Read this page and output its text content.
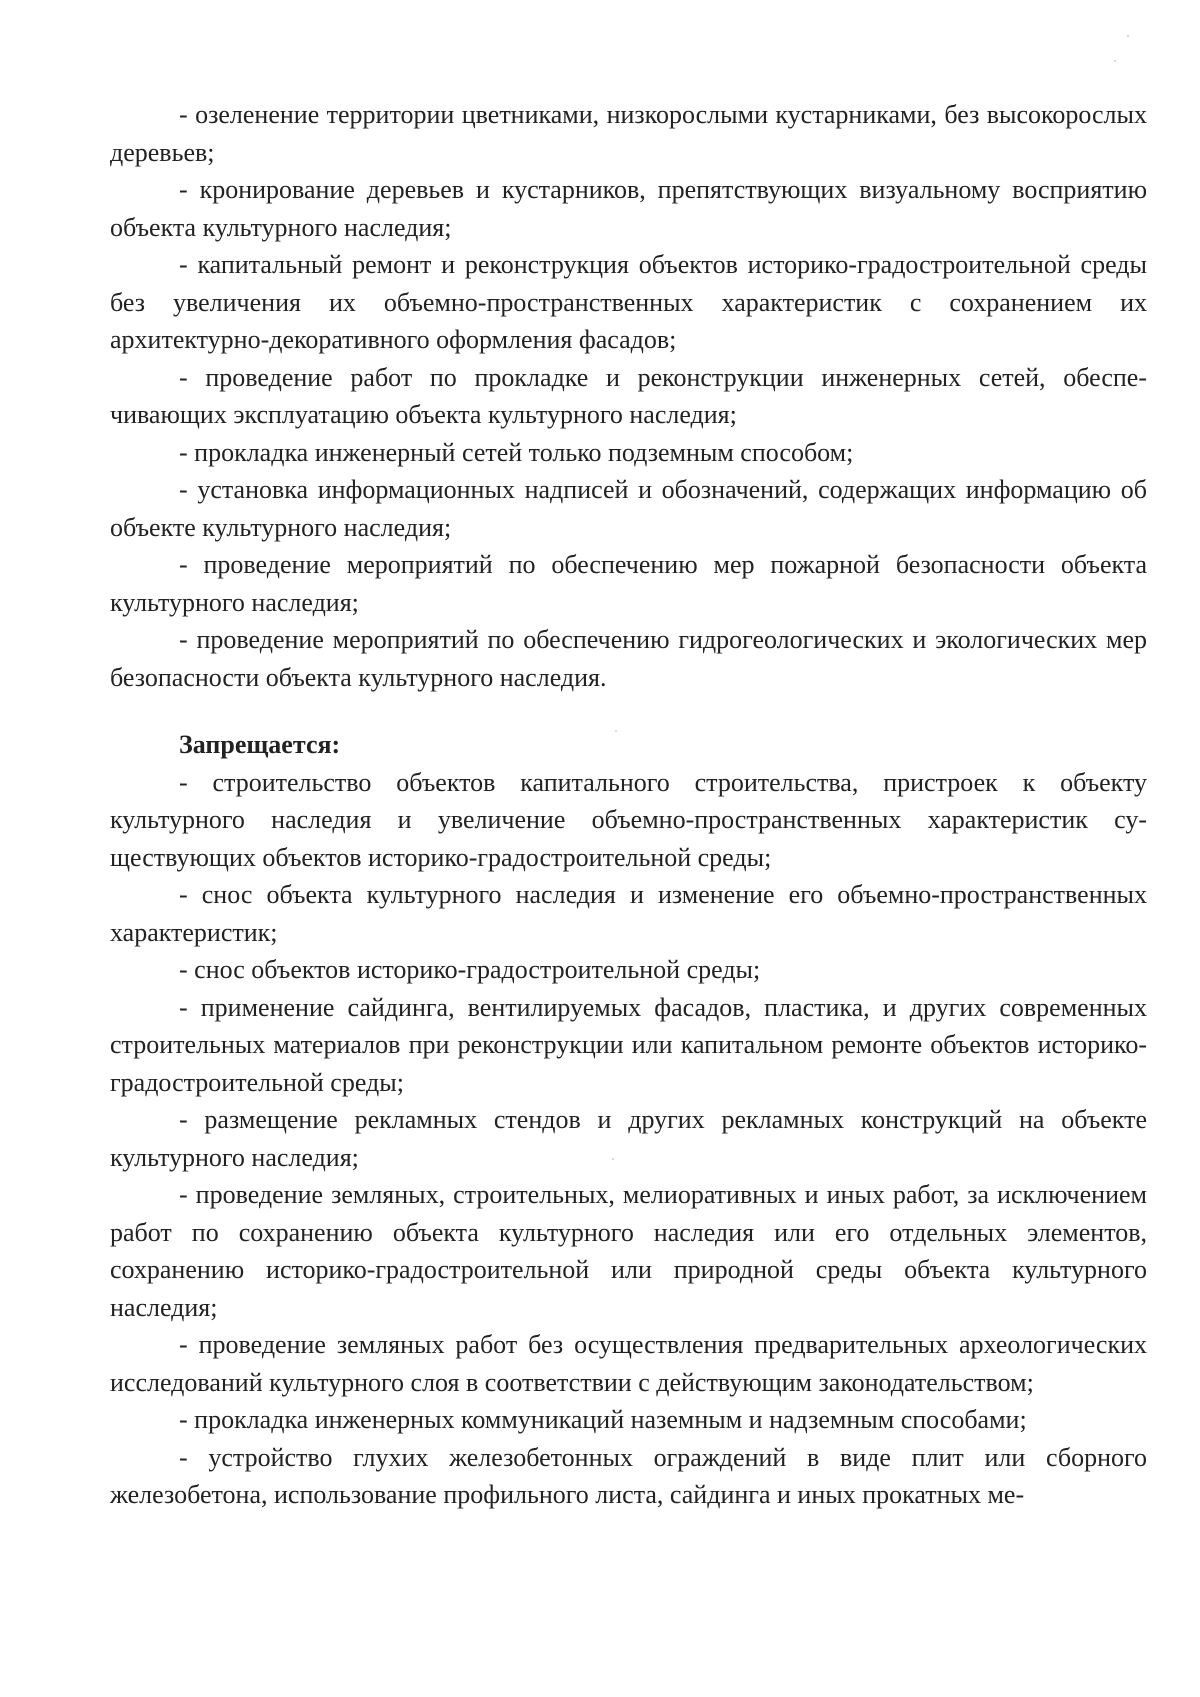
- озеленение территории цветниками, низкорослыми кустарниками, без высокорослых деревьев;

- кронирование деревьев и кустарников, препятствующих визуальному восприятию объекта культурного наследия;

- капитальный ремонт и реконструкция объектов историко-градостроительной среды без увеличения их объемно-пространственных характеристик с сохранением их архитектурно-декоративного оформления фасадов;

- проведение работ по прокладке и реконструкции инженерных сетей, обеспечивающих эксплуатацию объекта культурного наследия;

- прокладка инженерный сетей только подземным способом;

- установка информационных надписей и обозначений, содержащих информацию об объекте культурного наследия;

- проведение мероприятий по обеспечению мер пожарной безопасности объекта культурного наследия;

- проведение мероприятий по обеспечению гидрогеологических и экологических мер безопасности объекта культурного наследия.

Запрещается:

- строительство объектов капитального строительства, пристроек к объекту культурного наследия и увеличение объемно-пространственных характеристик существующих объектов историко-градостроительной среды;

- снос объекта культурного наследия и изменение его объемно-пространственных характеристик;

- снос объектов историко-градостроительной среды;

- применение сайдинга, вентилируемых фасадов, пластика, и других современных строительных материалов при реконструкции или капитальном ремонте объектов историко-градостроительной среды;

- размещение рекламных стендов и других рекламных конструкций на объекте культурного наследия;

- проведение земляных, строительных, мелиоративных и иных работ, за исключением работ по сохранению объекта культурного наследия или его отдельных элементов, сохранению историко-градостроительной или природной среды объекта культурного наследия;

- проведение земляных работ без осуществления предварительных археологических исследований культурного слоя в соответствии с действующим законодательством;

- прокладка инженерных коммуникаций наземным и надземным способами;

- устройство глухих железобетонных ограждений в виде плит или сборного железобетона, использование профильного листа, сайдинга и иных прокатных ме-
